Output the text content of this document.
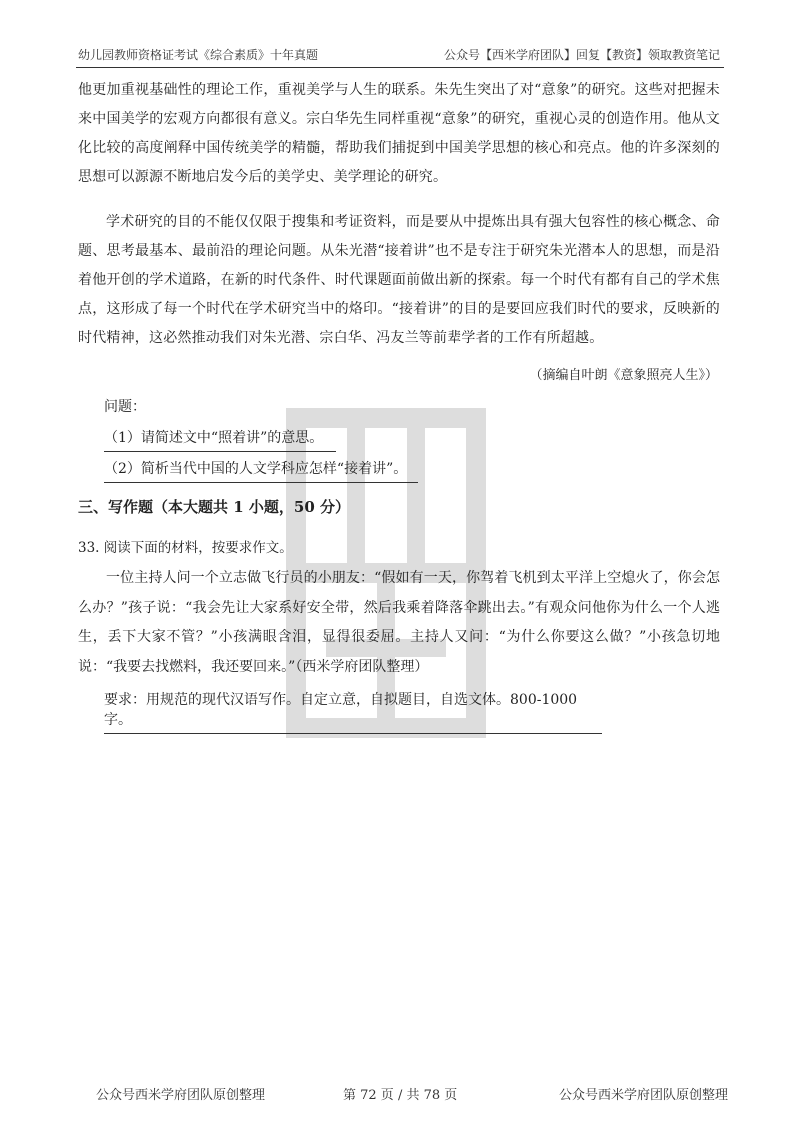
幼儿园教师资格证考试《综合素质》十年真题	公众号【西米学府团队】回复【教资】领取教资笔记
他更加重视基础性的理论工作，重视美学与人生的联系。朱先生突出了对“意象”的研究。这些对把握未来中国美学的宏观方向都很有意义。宗白华先生同样重视“意象”的研究，重视心灵的创造作用。他从文化比较的高度阐释中国传统美学的精髓，帮助我们捕捉到中国美学思想的核心和亮点。他的许多深刻的思想可以源源不断地启发今后的美学史、美学理论的研究。
学术研究的目的不能仅仅限于搜集和考证资料，而是要从中提炼出具有强大包容性的核心概念、命题、思考最基本、最前沿的理论问题。从朱光潜“接着讲”也不是专注于研究朱光潜本人的思想，而是沿着他开创的学术道路，在新的时代条件、时代课题面前做出新的探索。每一个时代有都有自己的学术焦点，这形成了每一个时代在学术研究当中的烙印。“接着讲”的目的是要回应我们时代的要求，反映新的时代精神，这必然推动我们对朱光潜、宗白华、冯友兰等前辈学者的工作有所超越。
（摘编自叶朗《意象照亮人生》）
问题：
（1）请简述文中“照着讲”的意思。
（2）简析当代中国的人文学科应怎样“接着讲”。
三、写作题（本大题共 1 小题，50 分）
33. 阅读下面的材料，按要求作文。
一位主持人问一个立志做飞行员的小朋友：“假如有一天，你驾着飞机到太平洋上空熄火了，你会怎么办？”孩子说：“我会先让大家系好安全带，然后我乘着降落伞跳出去。”有观众问他你为什么一个人逃生，丢下大家不管？”小孩满眼含泪，显得很委屈。主持人又问：“为什么你要这么做？”小孩急切地说：“我要去找燃料，我还要回来。”（西米学府团队整理）
要求：用规范的现代汉语写作。自定立意，自拟题目，自选文体。800-1000 字。
公众号西米学府团队原创整理	第 72 页 / 共 78 页	公众号西米学府团队原创整理
